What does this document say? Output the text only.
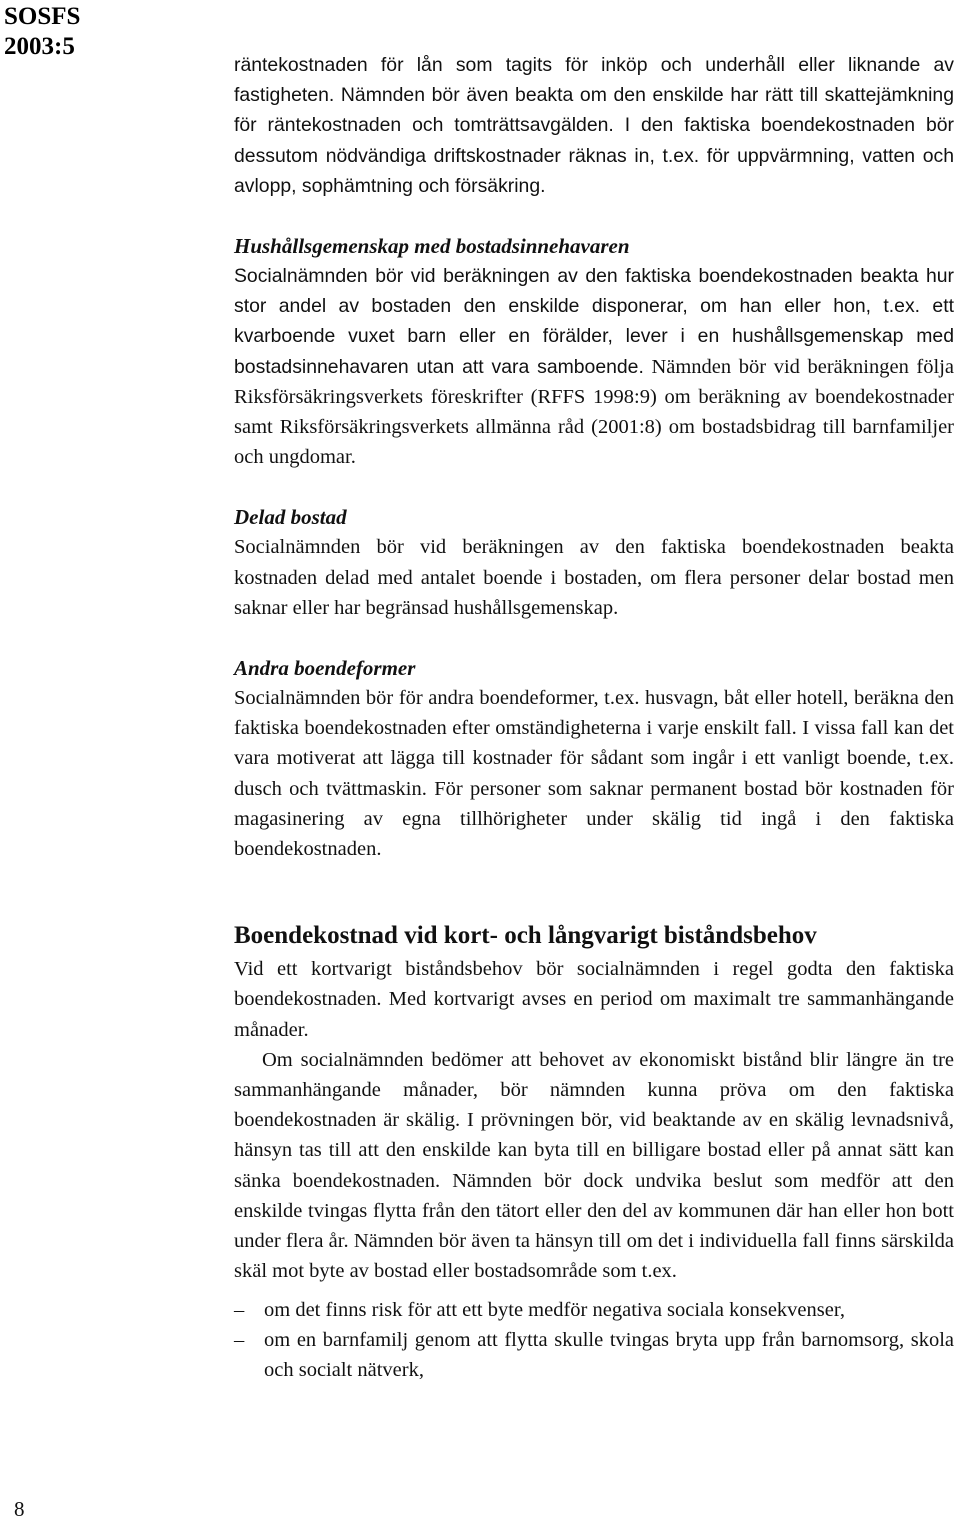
SOSFS
2003:5

räntekostnaden för lån som tagits för inköp och underhåll eller liknande av fastigheten. Nämnden bör även beakta om den enskilde har rätt till skattejämkning för räntekostnaden och tomträttsavgälden. I den faktiska boendekostnaden bör dessutom nödvändiga driftskostnader räknas in, t.ex. för uppvärmning, vatten och avlopp, sophämtning och försäkring.

Hushållsgemenskap med bostadsinnehavaren

Socialnämnden bör vid beräkningen av den faktiska boendekostnaden beakta hur stor andel av bostaden den enskilde disponerar, om han eller hon, t.ex. ett kvarboende vuxet barn eller en förälder, lever i en hushållsgemenskap med bostadsinnehavaren utan att vara samboende. Nämnden bör vid beräkningen följa Riksförsäkringsverkets föreskrifter (RFFS 1998:9) om beräkning av boendekostnader samt Riksförsäkringsverkets allmänna råd (2001:8) om bostadsbidrag till barnfamiljer och ungdomar.

Delad bostad

Socialnämnden bör vid beräkningen av den faktiska boendekostnaden beakta kostnaden delad med antalet boende i bostaden, om flera personer delar bostad men saknar eller har begränsad hushållsgemenskap.

Andra boendeformer

Socialnämnden bör för andra boendeformer, t.ex. husvagn, båt eller hotell, beräkna den faktiska boendekostnaden efter omständigheterna i varje enskilt fall. I vissa fall kan det vara motiverat att lägga till kostnader för sådant som ingår i ett vanligt boende, t.ex. dusch och tvättmaskin. För personer som saknar permanent bostad bör kostnaden för magasinering av egna tillhörigheter under skälig tid ingå i den faktiska boendekostnaden.

Boendekostnad vid kort- och långvarigt biståndsbehov

Vid ett kortvarigt biståndsbehov bör socialnämnden i regel godta den faktiska boendekostnaden. Med kortvarigt avses en period om maximalt tre sammanhängande månader.

Om socialnämnden bedömer att behovet av ekonomiskt bistånd blir längre än tre sammanhängande månader, bör nämnden kunna pröva om den faktiska boendekostnaden är skälig. I prövningen bör, vid beaktande av en skälig levnadsnivå, hänsyn tas till att den enskilde kan byta till en billigare bostad eller på annat sätt kan sänka boendekostnaden. Nämnden bör dock undvika beslut som medför att den enskilde tvingas flytta från den tätort eller den del av kommunen där han eller hon bott under flera år. Nämnden bör även ta hänsyn till om det i individuella fall finns särskilda skäl mot byte av bostad eller bostadsområde som t.ex.

– om det finns risk för att ett byte medför negativa sociala konsekvenser,
– om en barnfamilj genom att flytta skulle tvingas bryta upp från barnomsorg, skola och socialt nätverk,
8
